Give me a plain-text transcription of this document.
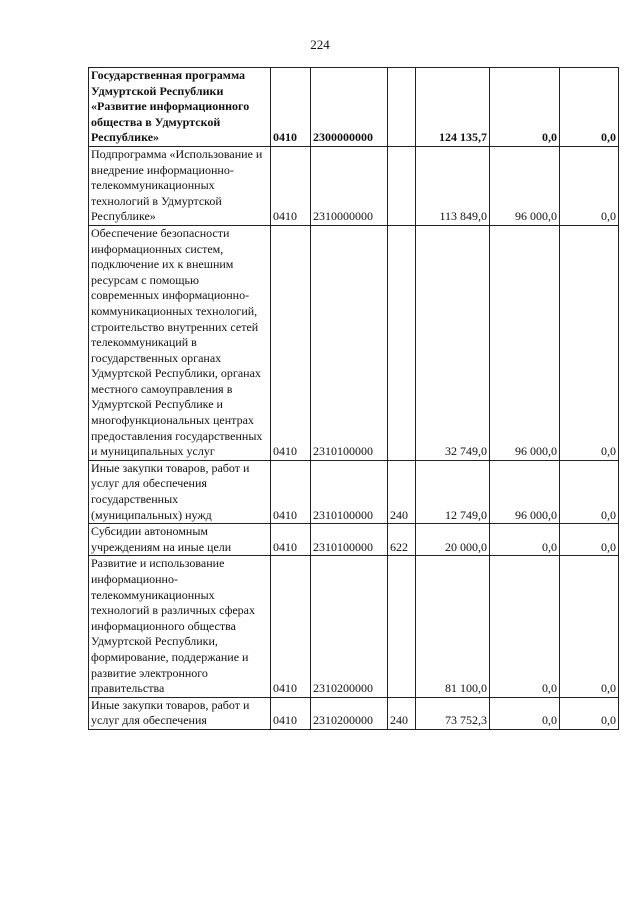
224
Государственная программа Удмуртской Республики «Развитие информационного общества в Удмуртской Республике»	0410	2300000000		124 135,7	0,0	0,0
Подпрограмма «Использование и внедрение информационно-телекоммуникационных технологий в Удмуртской Республике»	0410	2310000000		113 849,0	96 000,0	0,0
Обеспечение безопасности информационных систем, подключение их к внешним ресурсам с помощью современных информационно-коммуникационных технологий, строительство внутренних сетей телекоммуникаций в государственных органах Удмуртской Республики, органах местного самоуправления в Удмуртской Республике и многофункциональных центрах предоставления государственных и муниципальных услуг	0410	2310100000		32 749,0	96 000,0	0,0
Иные закупки товаров, работ и услуг для обеспечения государственных (муниципальных) нужд	0410	2310100000	240	12 749,0	96 000,0	0,0
Субсидии автономным учреждениям на иные цели	0410	2310100000	622	20 000,0	0,0	0,0
Развитие и использование информационно-телекоммуникационных технологий в различных сферах информационного общества Удмуртской Республики, формирование, поддержание и развитие электронного правительства	0410	2310200000		81 100,0	0,0	0,0
Иные закупки товаров, работ и услуг для обеспечения	0410	2310200000	240	73 752,3	0,0	0,0
